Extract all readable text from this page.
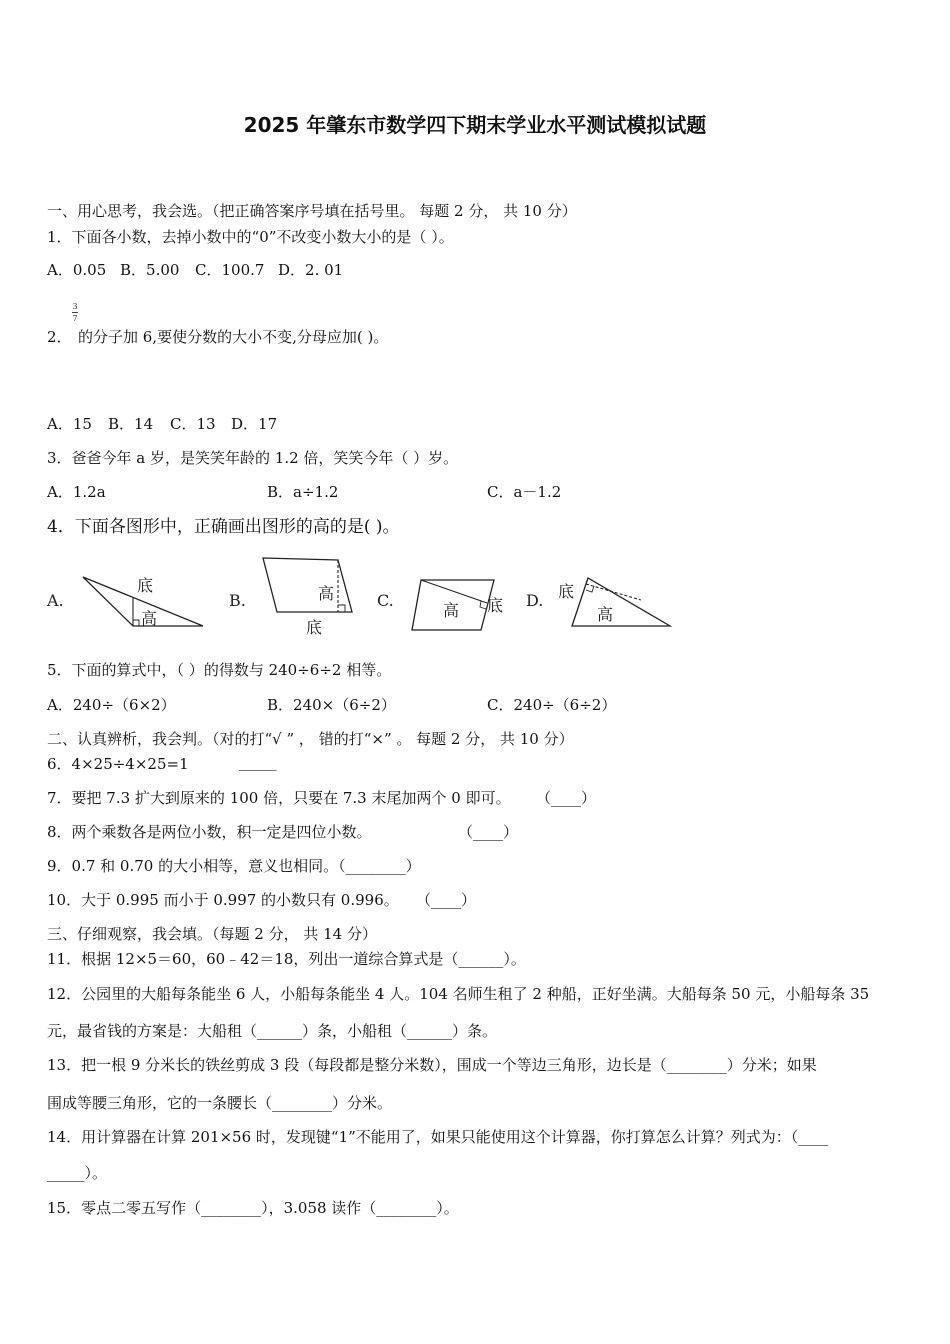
2025 年肇东市数学四下期末学业水平测试模拟试题
一、用心思考，我会选。（把正确答案序号填在括号里。 每题 2 分， 共 10 分）
1．下面各小数，去掉小数中的“0”不改变小数大小的是（ ）。
A．0.05 B．5.00 C．100.7 D．2. 01
3
7
2． 的分子加 6,要使分数的大小不变,分母应加( )。
A．15 B．14 C．13 D．17
3．爸爸今年 a 岁，是笑笑年龄的 1.2 倍，笑笑今年（ ）岁。
A．1.2a	B．a÷1.2	C．a－1.2
4．下面各图形中，正确画出图形的高的是( )。
A.
底
高
B.	高
底
C.
高 底 D. 底
高
5．下面的算式中，（ ）的得数与 240÷6÷2 相等。
A．240÷（6×2）	B．240×（6÷2）	C．240÷（6÷2）
二、认真辨析，我会判。（对的打“√ ” ， 错的打“×” 。 每题 2 分， 共 10 分）
6．4×25÷4×25=1	_____
7．要把 7.3 扩大到原来的 100 倍，只要在 7.3 末尾加两个 0 即可。 （____）
8．两个乘数各是两位小数，积一定是四位小数。	（____）
9．0.7 和 0.70 的大小相等，意义也相同。（________）
10．大于 0.995 而小于 0.997 的小数只有 0.996。 （____）
三、仔细观察，我会填。（每题 2 分， 共 14 分）
11．根据 12×5＝60，60﹣42＝18，列出一道综合算式是（______）。
12．公园里的大船每条能坐 6 人，小船每条能坐 4 人。104 名师生租了 2 种船，正好坐满。大船每条 50 元，小船每条 35
元，最省钱的方案是：大船租（______）条，小船租（______）条。
13．把一根 9 分米长的铁丝剪成 3 段（每段都是整分米数），围成一个等边三角形，边长是（________）分米；如果
围成等腰三角形，它的一条腰长（________）分米。
14．用计算器在计算 201×56 时，发现键“1”不能用了，如果只能使用这个计算器，你打算怎么计算？列式为：（____
_____）。
15．零点二零五写作（________），3.058 读作（________）。
